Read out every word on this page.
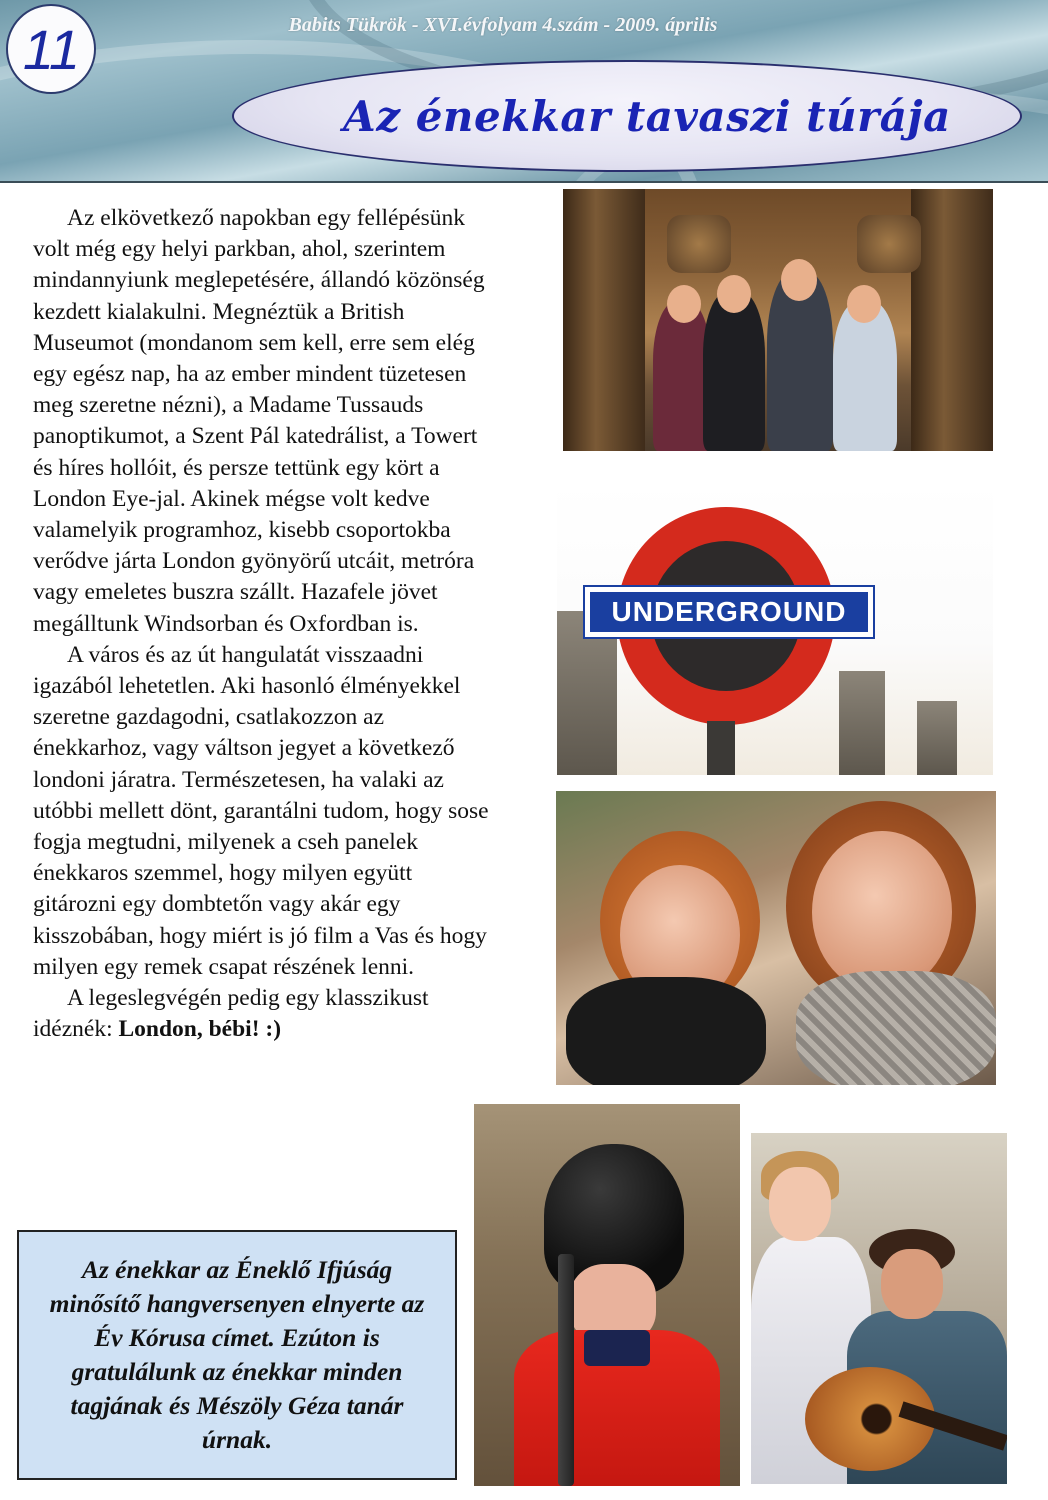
11	Babits Tükrök - XVI.évfolyam 4.szám - 2009. április
Az énekkar tavaszi túrája

Az elkövetkező napokban egy fellépésünk volt még egy helyi parkban, ahol, szerintem mindannyiunk meglepetésére, állandó közönség kezdett kialakulni. Megnéztük a British Museumot (mondanom sem kell, erre sem elég egy egész nap, ha az ember mindent tüzetesen meg szeretne nézni), a Madame Tussauds panoptikumot, a Szent Pál katedrálist, a Towert és híres hollóit, és persze tettünk egy kört a London Eye-jal. Akinek mégse volt kedve valamelyik programhoz, kisebb csoportokba verődve járta London gyönyörű utcáit, metróra vagy emeletes buszra szállt. Hazafele jövet megálltunk Windsorban és Oxfordban is.

A város és az út hangulatát visszaadni igazából lehetetlen. Aki hasonló élményekkel szeretne gazdagodni, csatlakozzon az énekkarhoz, vagy váltson jegyet a következő londoni járatra. Természetesen, ha valaki az utóbbi mellett dönt, garantálni tudom, hogy sose fogja megtudni, milyenek a cseh panelek énekkaros szemmel, hogy milyen együtt gitározni egy dombtetőn vagy akár egy kisszobában, hogy miért is jó film a Vas és hogy milyen egy remek csapat részének lenni.

A legeslegvégén pedig egy klasszikust idéznék: London, bébi! :)

Az énekkar az Éneklő Ifjúság minősítő hangversenyen elnyerte az Év Kórusa címet. Ezúton is gratulálunk az énekkar minden tagjának és Mészöly Géza tanár úrnak.
UNDERGROUND
